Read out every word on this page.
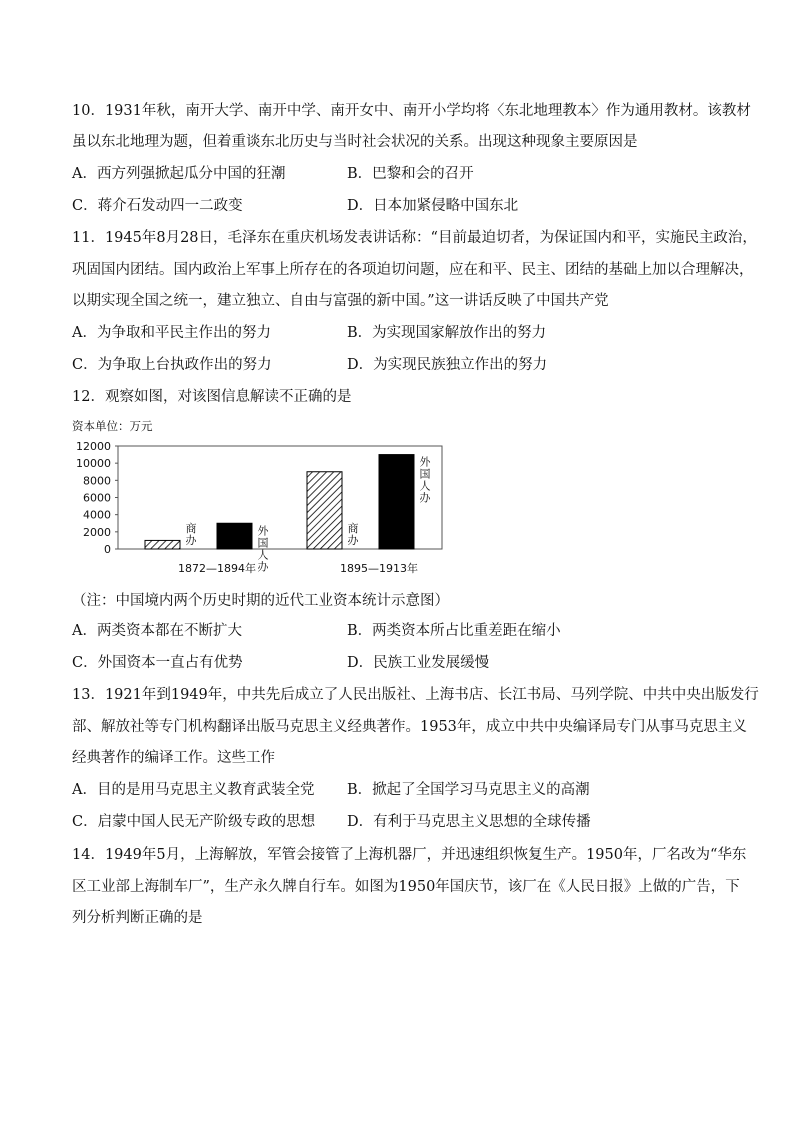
10．1931年秋，南开大学、南开中学、南开女中、南开小学均将〈东北地理教本〉作为通用教材。该教材
虽以东北地理为题，但着重谈东北历史与当时社会状况的关系。出现这种现象主要原因是
A．西方列强掀起瓜分中国的狂潮	B．巴黎和会的召开
C．蒋介石发动四一二政变	D．日本加紧侵略中国东北
11．1945年8月28日，毛泽东在重庆机场发表讲话称：“目前最迫切者，为保证国内和平，实施民主政治，
巩固国内团结。国内政治上军事上所存在的各项迫切问题，应在和平、民主、团结的基础上加以合理解决，
以期实现全国之统一，建立独立、自由与富强的新中国。”这一讲话反映了中国共产党
A．为争取和平民主作出的努力	B．为实现国家解放作出的努力
C．为争取上台执政作出的努力	D．为实现民族独立作出的努力
12．观察如图，对该图信息解读不正确的是
资本单位：万元
0
2000
4000
6000
8000
10000
12000
商
办
外
国
人
办
1872—1894年
商
办
外
国
人
办
1895—1913年
（注：中国境内两个历史时期的近代工业资本统计示意图）
A．两类资本都在不断扩大	B．两类资本所占比重差距在缩小
C．外国资本一直占有优势	D．民族工业发展缓慢
13．1921年到1949年，中共先后成立了人民出版社、上海书店、长江书局、马列学院、中共中央出版发行
部、解放社等专门机构翻译出版马克思主义经典著作。1953年，成立中共中央编译局专门从事马克思主义
经典著作的编译工作。这些工作
A．目的是用马克思主义教育武装全党 B．掀起了全国学习马克思主义的高潮
C．启蒙中国人民无产阶级专政的思想 D．有利于马克思主义思想的全球传播
14．1949年5月，上海解放，军管会接管了上海机器厂，并迅速组织恢复生产。1950年，厂名改为“华东
区工业部上海制车厂”，生产永久牌自行车。如图为1950年国庆节，该厂在《人民日报》上做的广告，下
列分析判断正确的是
